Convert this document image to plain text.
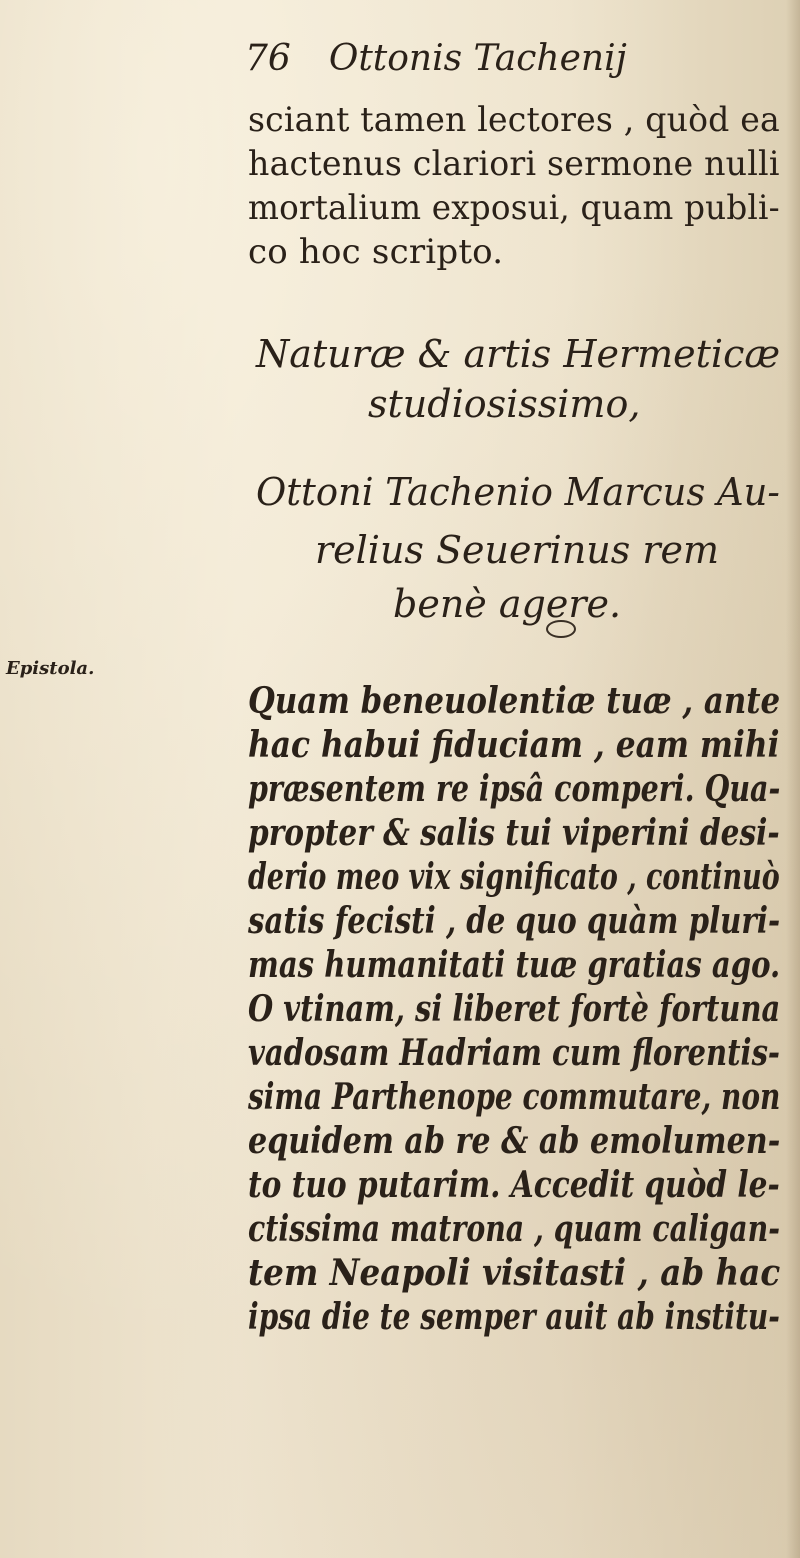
76 Ottonis Tachenij
sciant tamen lectores , quòd ea
hactenus clariori sermone nulli
mortalium exposui, quam publi-
co hoc scripto.
Naturæ & artis Hermeticæ
studiosissimo,
Ottoni Tachenio Marcus Au-
relius Seuerinus rem
benè agere.
Epistola.
Quam beneuolentiæ tuæ , ante
hac habui fiduciam , eam mihi
præsentem re ipsâ comperi. Qua-
propter & salis tui viperini desi-
derio meo vix significato , continuò
satis fecisti , de quo quàm pluri-
mas humanitati tuæ gratias ago.
O vtinam, si liberet fortè fortuna
vadosam Hadriam cum florentis-
sima Parthenope commutare, non
equidem ab re & ab emolumen-
to tuo putarim. Accedit quòd le-
ctissima matrona , quam caligan-
tem Neapoli visitasti , ab hac
ipsa die te semper auit ab institu-
